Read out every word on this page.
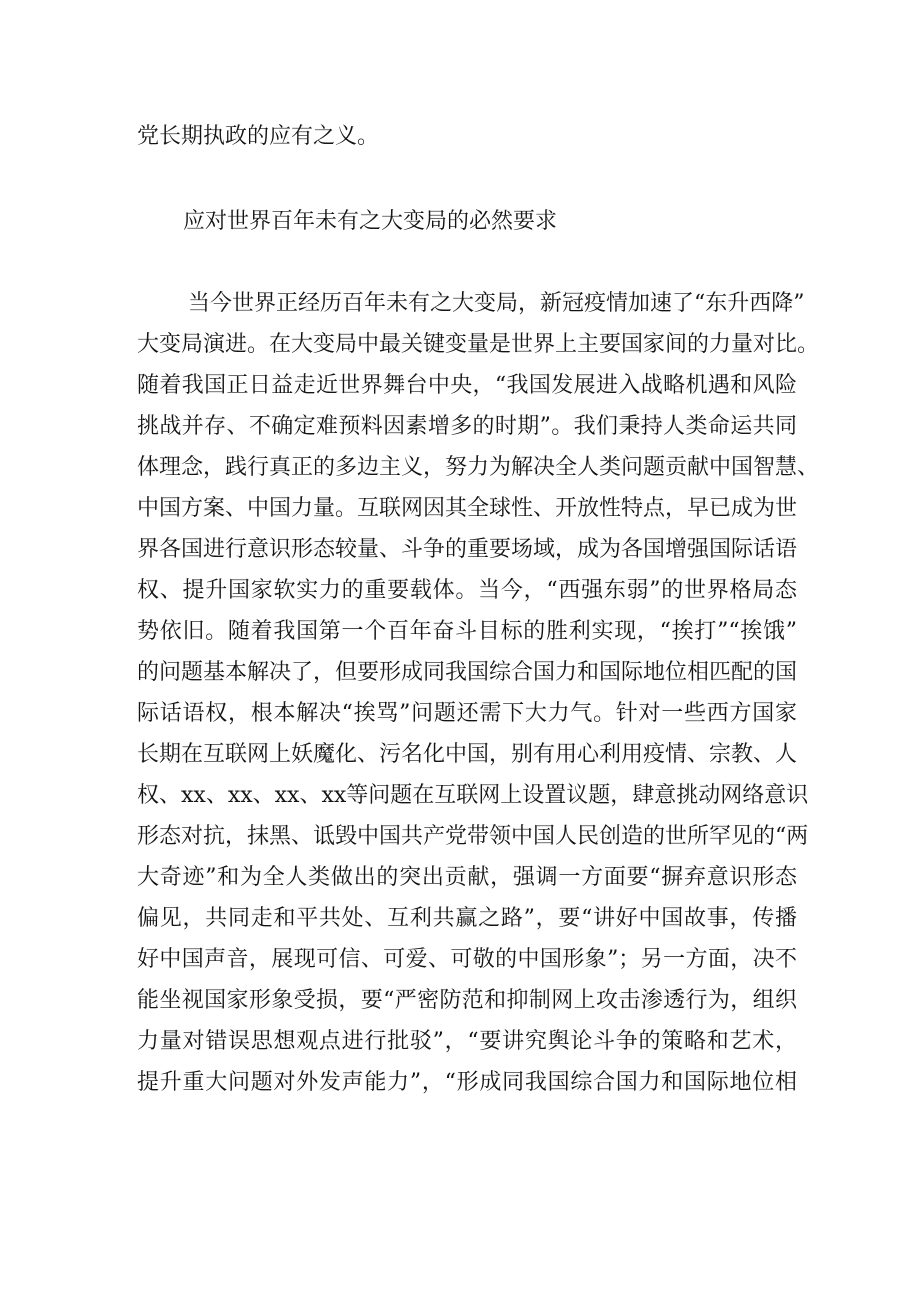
党长期执政的应有之义。
应对世界百年未有之大变局的必然要求
当今世界正经历百年未有之大变局，新冠疫情加速了“东升西降”
大变局演进。在大变局中最关键变量是世界上主要国家间的力量对比。
随着我国正日益走近世界舞台中央，“我国发展进入战略机遇和风险
挑战并存、不确定难预料因素增多的时期”。我们秉持人类命运共同
体理念，践行真正的多边主义，努力为解决全人类问题贡献中国智慧、
中国方案、中国力量。互联网因其全球性、开放性特点，早已成为世
界各国进行意识形态较量、斗争的重要场域，成为各国增强国际话语
权、提升国家软实力的重要载体。当今，“西强东弱”的世界格局态
势依旧。随着我国第一个百年奋斗目标的胜利实现，“挨打”“挨饿”
的问题基本解决了，但要形成同我国综合国力和国际地位相匹配的国
际话语权，根本解决“挨骂”问题还需下大力气。针对一些西方国家
长期在互联网上妖魔化、污名化中国，别有用心利用疫情、宗教、人
权、xx、xx、xx、xx等问题在互联网上设置议题，肆意挑动网络意识
形态对抗，抹黑、诋毁中国共产党带领中国人民创造的世所罕见的“两
大奇迹”和为全人类做出的突出贡献，强调一方面要“摒弃意识形态
偏见，共同走和平共处、互利共赢之路”，要“讲好中国故事，传播
好中国声音，展现可信、可爱、可敬的中国形象”；另一方面，决不
能坐视国家形象受损，要“严密防范和抑制网上攻击渗透行为，组织
力量对错误思想观点进行批驳”，“要讲究舆论斗争的策略和艺术，
提升重大问题对外发声能力”，“形成同我国综合国力和国际地位相
